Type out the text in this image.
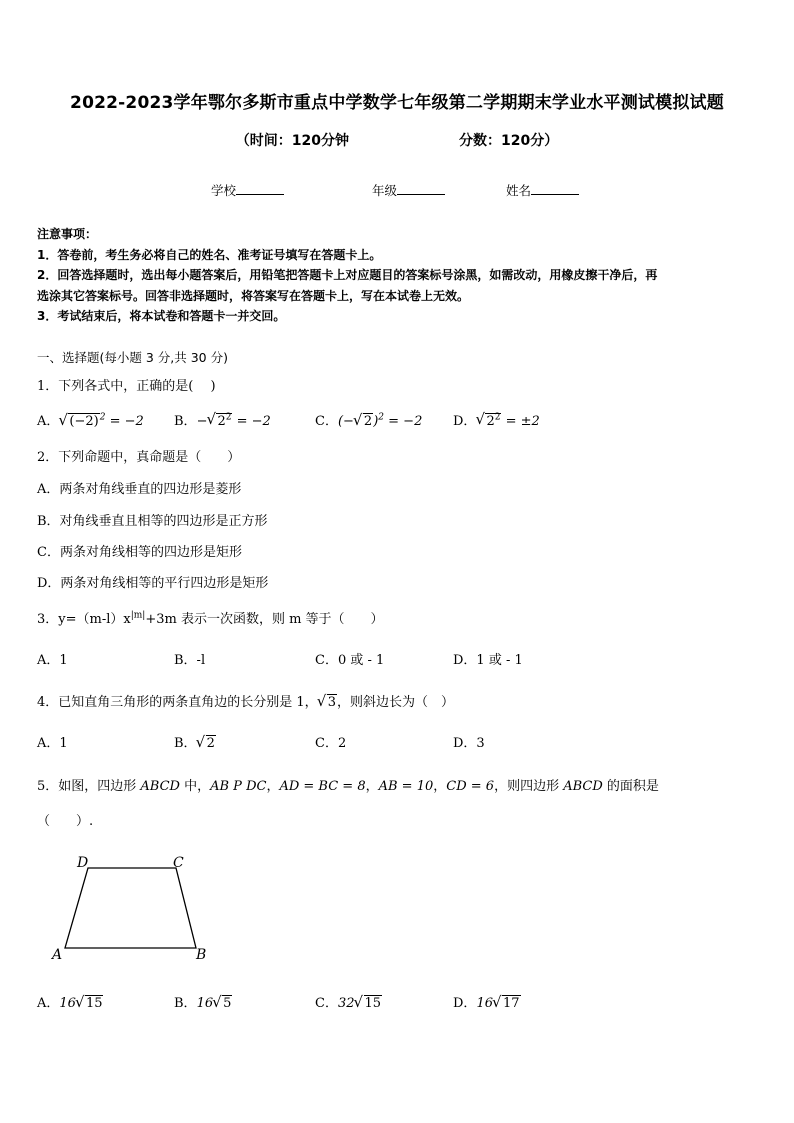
2022-2023学年鄂尔多斯市重点中学数学七年级第二学期期末学业水平测试模拟试题
（时间：120分钟	分数：120分）
学校	年级	姓名
注意事项：
1．答卷前，考生务必将自己的姓名、准考证号填写在答题卡上。
2．回答选择题时，选出每小题答案后，用铅笔把答题卡上对应题目的答案标号涂黑，如需改动，用橡皮擦干净后，再
选涂其它答案标号。回答非选择题时，将答案写在答题卡上，写在本试卷上无效。
3．考试结束后，将本试卷和答题卡一并交回。
一、选择题(每小题 3 分,共 30 分)
1．下列各式中，正确的是(　 )
A． √ $(-2)^2 = -2$ B．− √ $2^2 = -2$	C．(− √ 2)$^2$ = −2 D． √ $2^2 = \pm 2$
2．下列命题中，真命题是（　　）
A．两条对角线垂直的四边形是菱形
B．对角线垂直且相等的四边形是正方形
C．两条对角线相等的四边形是矩形
D．两条对角线相等的平行四边形是矩形
3．$y=(m-l)x^{|m|}+3m$ 表示一次函数，则 m 等于（　　）
A．1	B．-l	C．0 或 - 1	D．1 或 - 1
4．已知直角三角形的两条直角边的长分别是 1， √ 3，则斜边长为（　）
A．1	B． √ 2	C．2	D．3
5．如图，四边形 ABCD 中，AB P DC，AD = BC = 8，AB = 10，CD = 6，则四边形 ABCD 的面积是
（　　）.
D	C
A	B
A．16 √ 15	B．16 √ 5	C．32 √ 15	D．16 √ 17
